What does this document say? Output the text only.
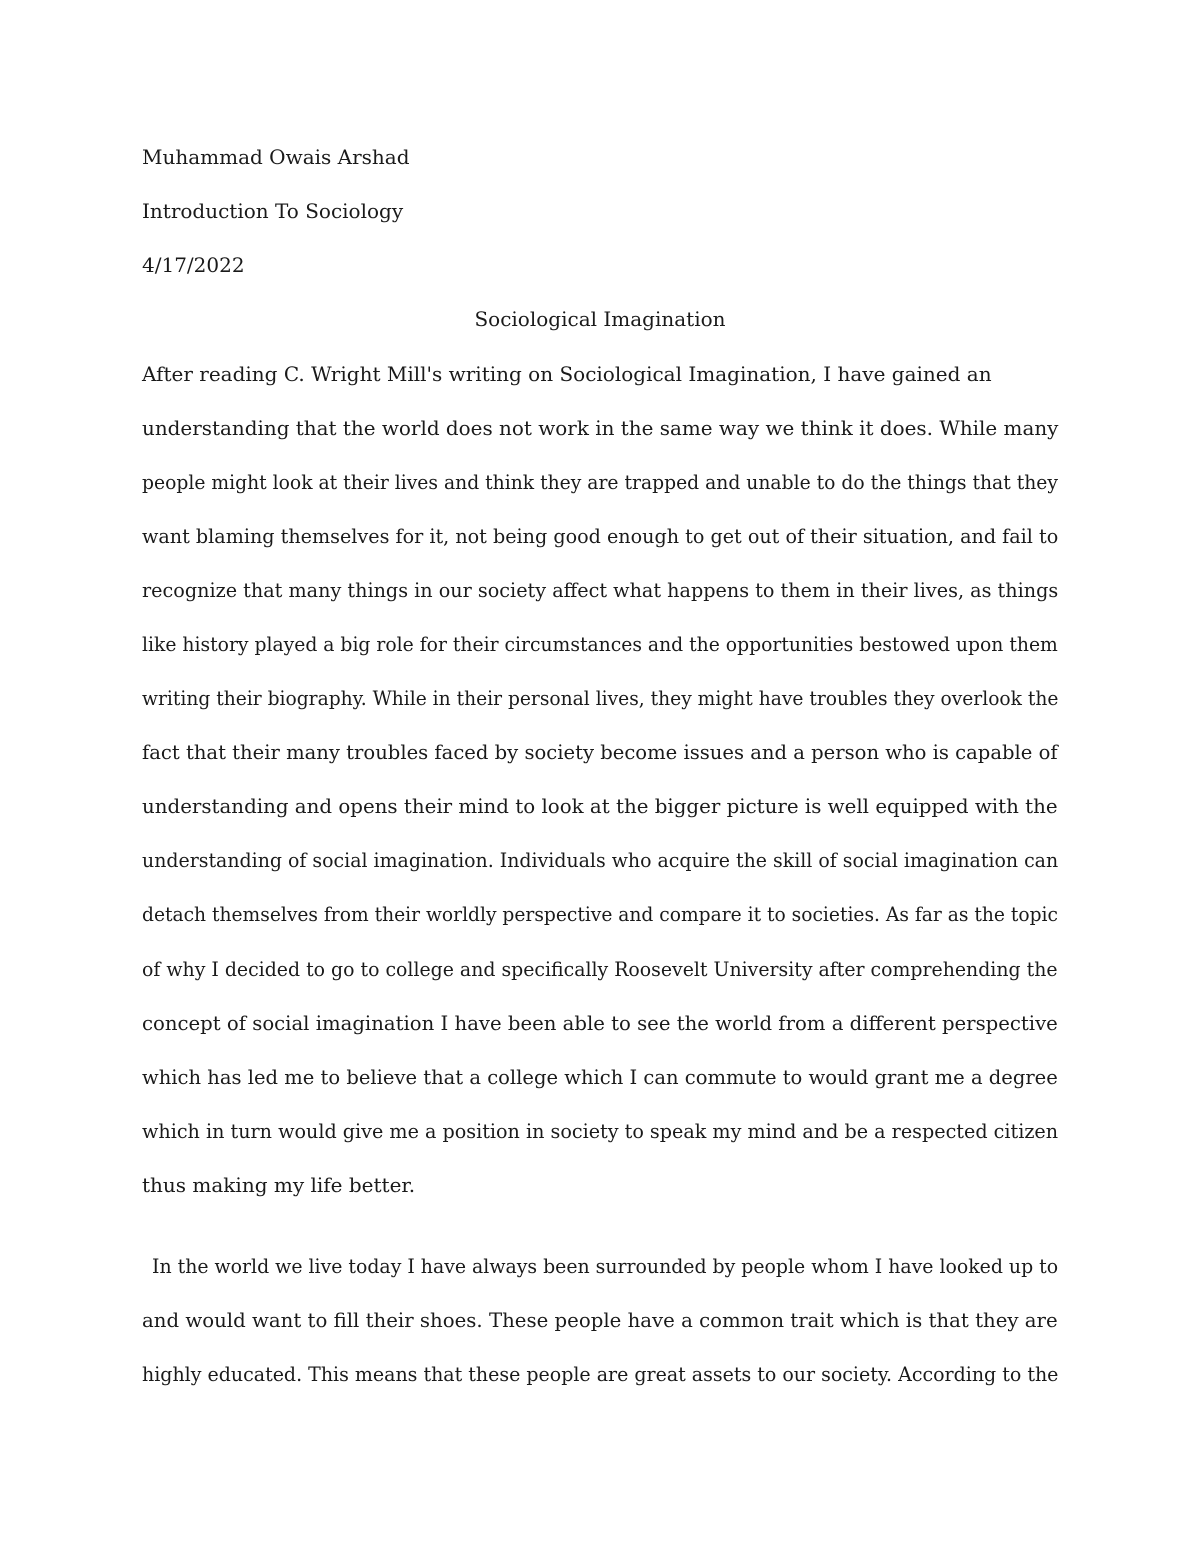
Muhammad Owais Arshad
Introduction To Sociology
4/17/2022
Sociological Imagination
After reading C. Wright Mill's writing on Sociological Imagination, I have gained an
understanding that the world does not work in the same way we think it does. While many
people might look at their lives and think they are trapped and unable to do the things that they
want blaming themselves for it, not being good enough to get out of their situation, and fail to
recognize that many things in our society affect what happens to them in their lives, as things
like history played a big role for their circumstances and the opportunities bestowed upon them
writing their biography. While in their personal lives, they might have troubles they overlook the
fact that their many troubles faced by society become issues and a person who is capable of
understanding and opens their mind to look at the bigger picture is well equipped with the
understanding of social imagination. Individuals who acquire the skill of social imagination can
detach themselves from their worldly perspective and compare it to societies. As far as the topic
of why I decided to go to college and specifically Roosevelt University after comprehending the
concept of social imagination I have been able to see the world from a different perspective
which has led me to believe that a college which I can commute to would grant me a degree
which in turn would give me a position in society to speak my mind and be a respected citizen
thus making my life better.
In the world we live today I have always been surrounded by people whom I have looked up to
and would want to fill their shoes. These people have a common trait which is that they are
highly educated. This means that these people are great assets to our society. According to the
